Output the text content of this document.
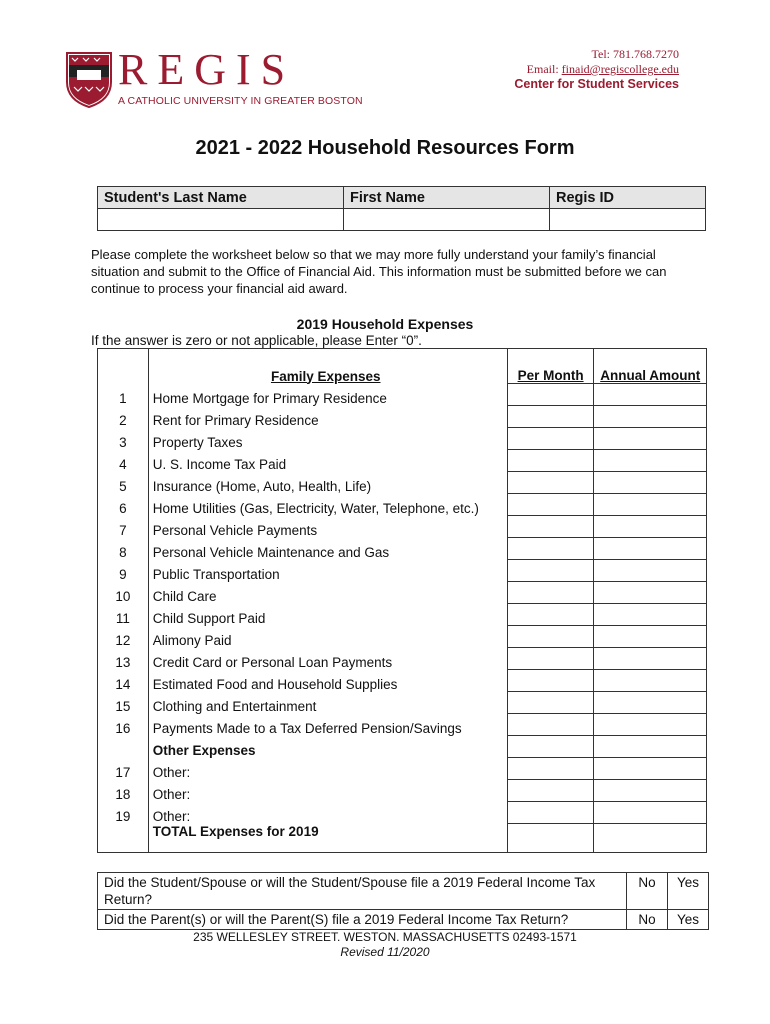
REGIS
A CATHOLIC UNIVERSITY IN GREATER BOSTON
Tel: 781.768.7270
Email: finaid@regiscollege.edu
Center for Student Services
2021 - 2022 Household Resources Form
Student's Last Name	First Name	Regis ID

Please complete the worksheet below so that we may more fully understand your family’s financial situation and submit to the Office of Financial Aid. This information must be submitted before we can continue to process your financial aid award.
2019 Household Expenses
If the answer is zero or not applicable, please Enter “0”.
	Family Expenses	Per Month	Annual Amount
1	Home Mortgage for Primary Residence		
2	Rent for Primary Residence		
3	Property Taxes		
4	U. S. Income Tax Paid		
5	Insurance (Home, Auto, Health, Life)		
6	Home Utilities (Gas, Electricity, Water, Telephone, etc.)		
7	Personal Vehicle Payments		
8	Personal Vehicle Maintenance and Gas		
9	Public Transportation		
10	Child Care		
11	Child Support Paid		
12	Alimony Paid		
13	Credit Card or Personal Loan Payments		
14	Estimated Food and Household Supplies		
15	Clothing and Entertainment		
16	Payments Made to a Tax Deferred Pension/Savings		
	Other Expenses		
17	Other:		
18	Other:		
19	Other:		
	TOTAL Expenses for 2019		
Did the Student/Spouse or will the Student/Spouse file a 2019 Federal Income Tax Return?	No	Yes
Did the Parent(s) or will the Parent(S) file a 2019 Federal Income Tax Return?	No	Yes
235 WELLESLEY STREET. WESTON. MASSACHUSETTS 02493-1571
Revised 11/2020
